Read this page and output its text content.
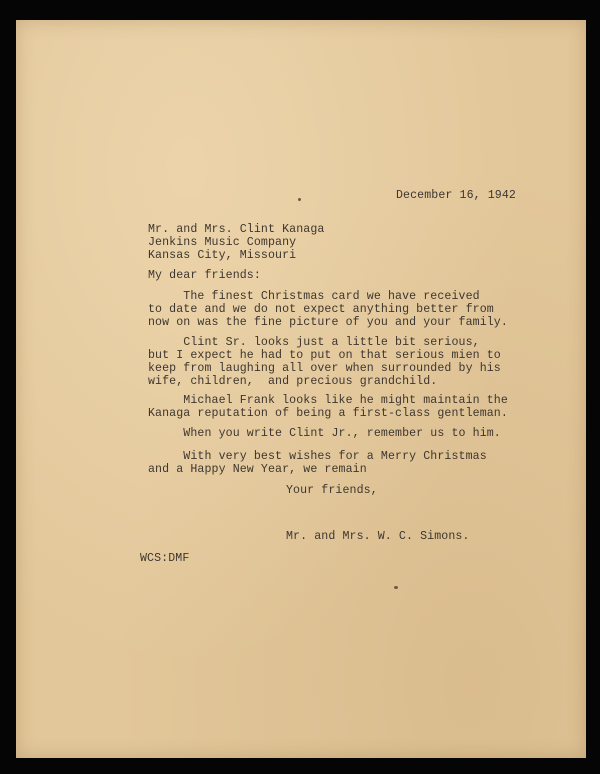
December 16, 1942
Mr. and Mrs. Clint Kanaga
Jenkins Music Company
Kansas City, Missouri
My dear friends:
The finest Christmas card we have received
to date and we do not expect anything better from
now on was the fine picture of you and your family.
Clint Sr. looks just a little bit serious,
but I expect he had to put on that serious mien to
keep from laughing all over when surrounded by his
wife, children,  and precious grandchild.
Michael Frank looks like he might maintain the
Kanaga reputation of being a first-class gentleman.
When you write Clint Jr., remember us to him.
With very best wishes for a Merry Christmas
and a Happy New Year, we remain
Your friends,
Mr. and Mrs. W. C. Simons.
WCS:DMF
